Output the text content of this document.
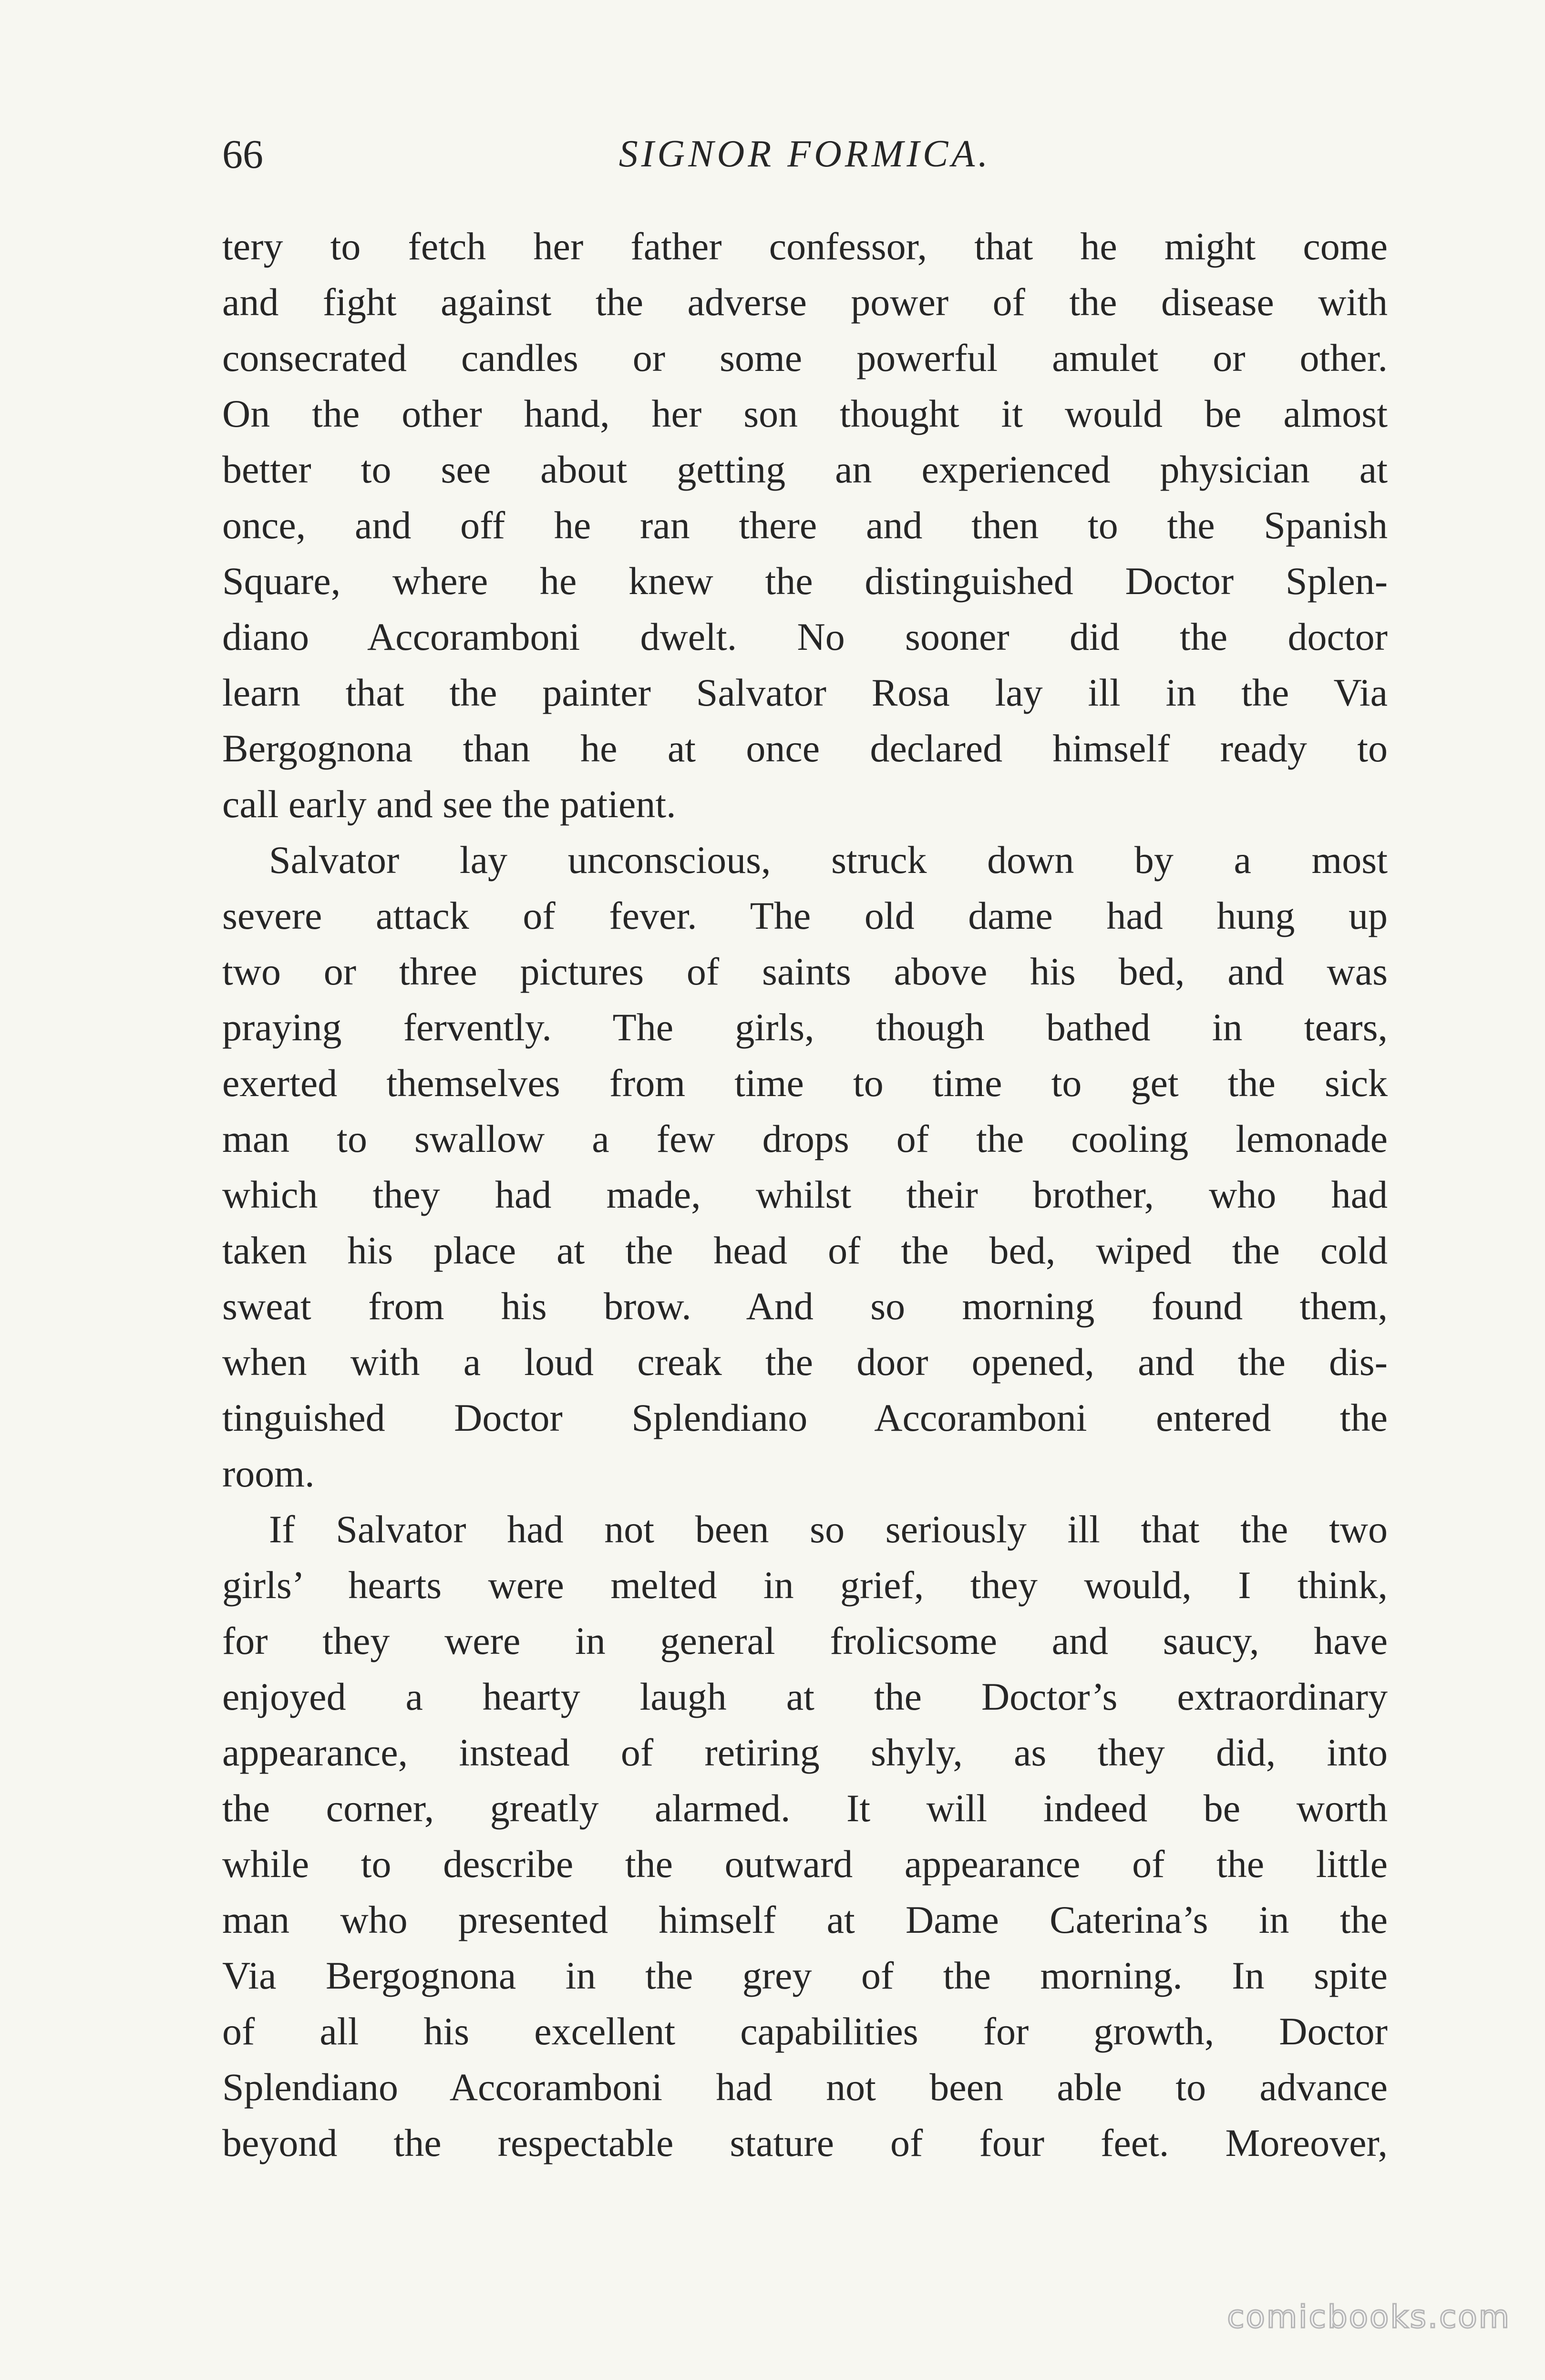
66	SIGNOR FORMICA.
tery to fetch her father confessor, that he might come
and fight against the adverse power of the disease with
consecrated candles or some powerful amulet or other.
On the other hand, her son thought it would be almost
better to see about getting an experienced physician at
once, and off he ran there and then to the Spanish
Square, where he knew the distinguished Doctor Splen-
diano Accoramboni dwelt. No sooner did the doctor
learn that the painter Salvator Rosa lay ill in the Via
Bergognona than he at once declared himself ready to
call early and see the patient.
Salvator lay unconscious, struck down by a most
severe attack of fever. The old dame had hung up
two or three pictures of saints above his bed, and was
praying fervently. The girls, though bathed in tears,
exerted themselves from time to time to get the sick
man to swallow a few drops of the cooling lemonade
which they had made, whilst their brother, who had
taken his place at the head of the bed, wiped the cold
sweat from his brow. And so morning found them,
when with a loud creak the door opened, and the dis-
tinguished Doctor Splendiano Accoramboni entered the
room.
If Salvator had not been so seriously ill that the two
girls’ hearts were melted in grief, they would, I think,
for they were in general frolicsome and saucy, have
enjoyed a hearty laugh at the Doctor’s extraordinary
appearance, instead of retiring shyly, as they did, into
the corner, greatly alarmed. It will indeed be worth
while to describe the outward appearance of the little
man who presented himself at Dame Caterina’s in the
Via Bergognona in the grey of the morning. In spite
of all his excellent capabilities for growth, Doctor
Splendiano Accoramboni had not been able to advance
beyond the respectable stature of four feet. Moreover,
comicbooks.com
